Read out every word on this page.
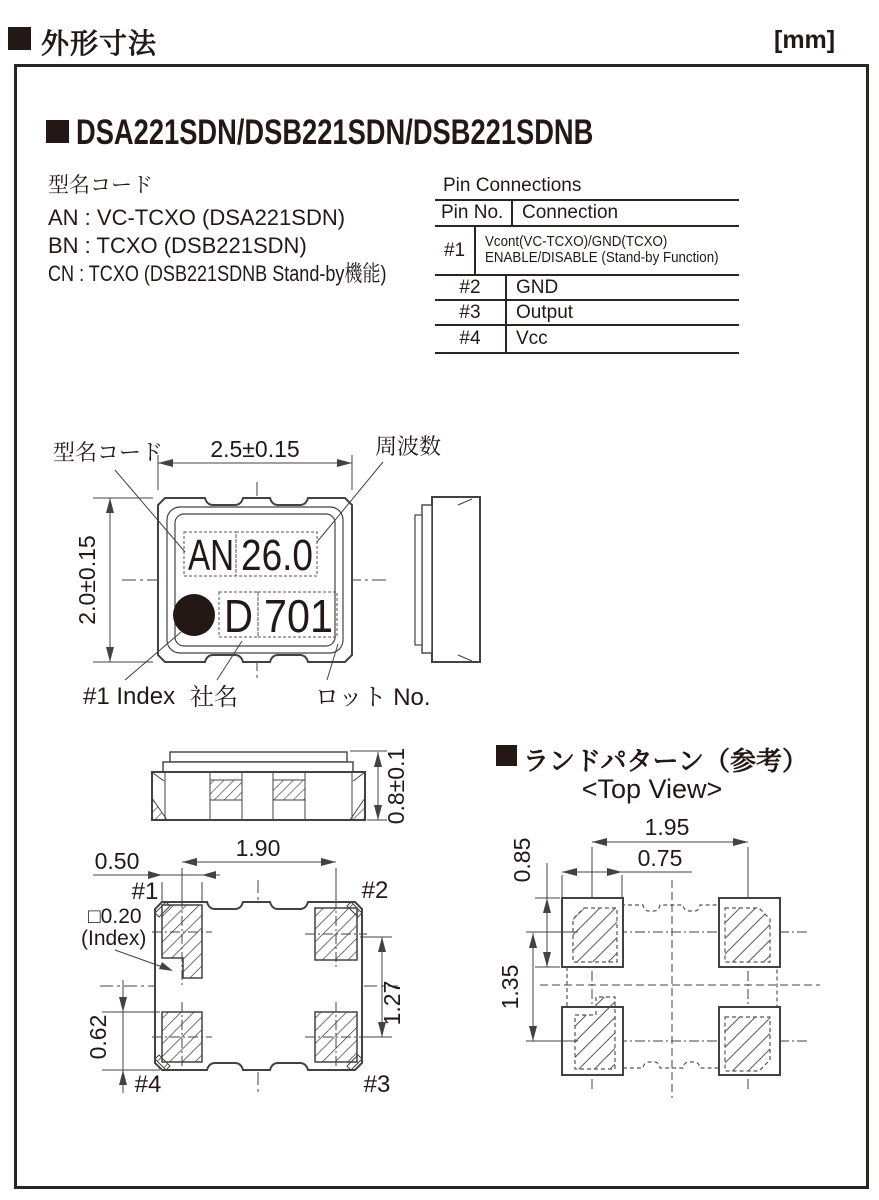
外形寸法	[mm]
DSA221SDN/DSB221SDN/DSB221SDNB
型名コード
AN : VC-TCXO (DSA221SDN)
BN : TCXO (DSB221SDN)
CN : TCXO (DSB221SDNB Stand-by機能)
Pin Connections
Pin No. Connection
#1	Vcont(VC-TCXO)/GND(TCXO)
ENABLE/DISABLE (Stand-by Function)
#2	GND
#3	Output
#4	Vcc
AN 26.0
D 701
2.5±0.15
2.0±0.15
型名コード	周波数
#1 Index 社名	ロット No.
0.8±0.1
1.90
0.50
1.27
0.62
□0.20
(Index)
#1	#2
#3
#4
ランドパターン（参考）
<Top View>
1.95
0.75
0.85
1.35
